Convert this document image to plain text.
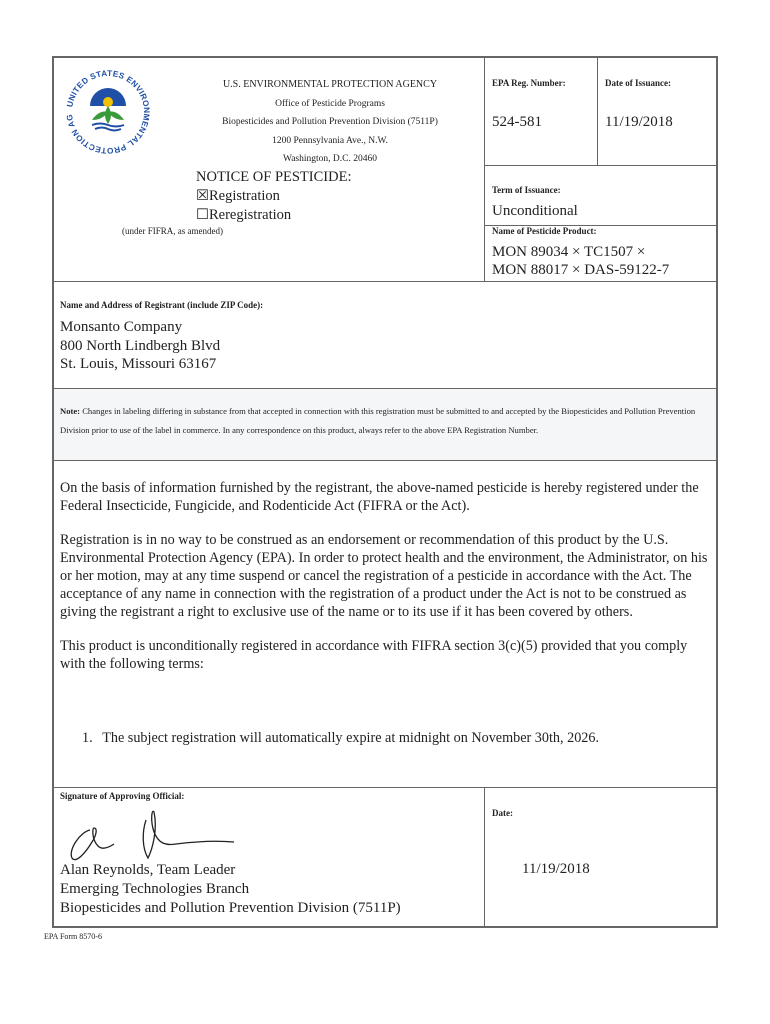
UNITED STATES ENVIRONMENTAL PROTECTION AG
U.S. ENVIRONMENTAL PROTECTION AGENCY
Office of Pesticide Programs
Biopesticides and Pollution Prevention Division (7511P)
1200 Pennsylvania Ave., N.W.
Washington, D.C. 20460
NOTICE OF PESTICIDE:
☒Registration
☐Reregistration
(under FIFRA, as amended)
EPA Reg. Number:
524-581
Date of Issuance:
11/19/2018
Term of Issuance:
Unconditional
Name of Pesticide Product:
MON 89034 × TC1507 ×
MON 88017 × DAS-59122-7
Name and Address of Registrant (include ZIP Code):
Monsanto Company
800 North Lindbergh Blvd
St. Louis, Missouri 63167
Note: Changes in labeling differing in substance from that accepted in connection with this registration must be submitted to and accepted by the Biopesticides and Pollution Prevention Division prior to use of the label in commerce. In any correspondence on this product, always refer to the above EPA Registration Number.

On the basis of information furnished by the registrant, the above-named pesticide is hereby registered under the Federal Insecticide, Fungicide, and Rodenticide Act (FIFRA or the Act).

Registration is in no way to be construed as an endorsement or recommendation of this product by the U.S. Environmental Protection Agency (EPA). In order to protect health and the environment, the Administrator, on his or her motion, may at any time suspend or cancel the registration of a pesticide in accordance with the Act. The acceptance of any name in connection with the registration of a product under the Act is not to be construed as giving the registrant a right to exclusive use of the name or to its use if it has been covered by others.

This product is unconditionally registered in accordance with FIFRA section 3(c)(5) provided that you comply with the following terms:

1. The subject registration will automatically expire at midnight on November 30th, 2026.
Signature of Approving Official:
Alan Reynolds, Team Leader
Emerging Technologies Branch
Biopesticides and Pollution Prevention Division (7511P)
Date:
11/19/2018
EPA Form 8570-6
